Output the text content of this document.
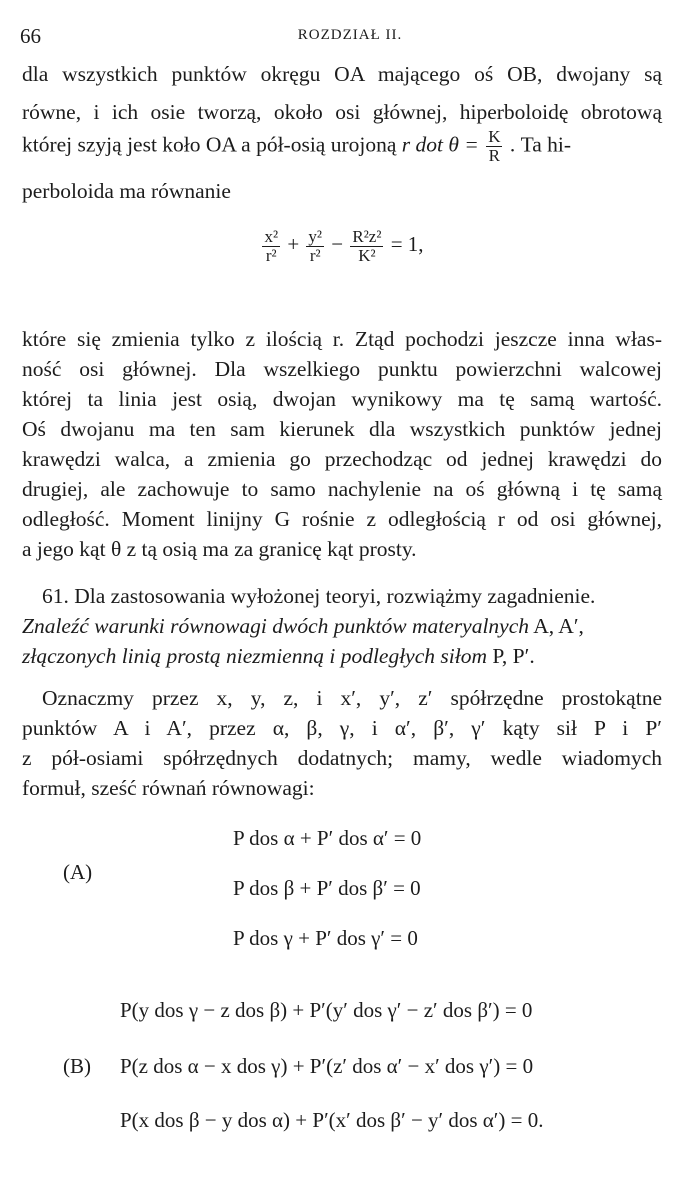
66	ROZDZIAŁ II.
dla wszystkich punktów okręgu OA mającego oś OB, dwojany są
równe, i ich osie tworzą, około osi głównej, hiperboloidę obrotową
której szyją jest koło OA a pół-osią urojoną r dot $\theta = \frac{K}{R}$ . Ta hi-
perboloida ma równanie
$\frac{\text{x²}}{\text{r²}} + \frac{\text{y²}}{\text{r²}} - \frac{\text{R²z²}}{\text{K²}} = 1$,
które się zmienia tylko z ilością r. Ztąd pochodzi jeszcze inna włas-
ność osi głównej. Dla wszelkiego punktu powierzchni walcowej
której ta linia jest osią, dwojan wynikowy ma tę samą wartość.
Oś dwojanu ma ten sam kierunek dla wszystkich punktów jednej
krawędzi walca, a zmienia go przechodząc od jednej krawędzi do
drugiej, ale zachowuje to samo nachylenie na oś główną i tę samą
odległość. Moment linijny G rośnie z odległością r od osi głównej,
a jego kąt θ z tą osią ma za granicę kąt prosty.
61. Dla zastosowania wyłożonej teoryi, rozwiążmy zagadnienie.
Znaleźć warunki równowagi dwóch punktów materyalnych A, A′,
złączonych linią prostą niezmienną i podległych siłom P, P′.
Oznaczmy przez x, y, z, i x′, y′, z′ spółrzędne prostokątne
punktów A i A′, przez α, β, γ, i α′, β′, γ′ kąty sił P i P′
z pół-osiami spółrzędnych dodatnych; mamy, wedle wiadomych
formuł, sześć równań równowagi:
(A)
P dos α + P′ dos α′ = 0
P dos β + P′ dos β′ = 0
P dos γ + P′ dos γ′ = 0
(B)
P(y dos γ − z dos β) + P′(y′ dos γ′ − z′ dos β′) = 0
P(z dos α − x dos γ) + P′(z′ dos α′ − x′ dos γ′) = 0
P(x dos β − y dos α) + P′(x′ dos β′ − y′ dos α′) = 0.
